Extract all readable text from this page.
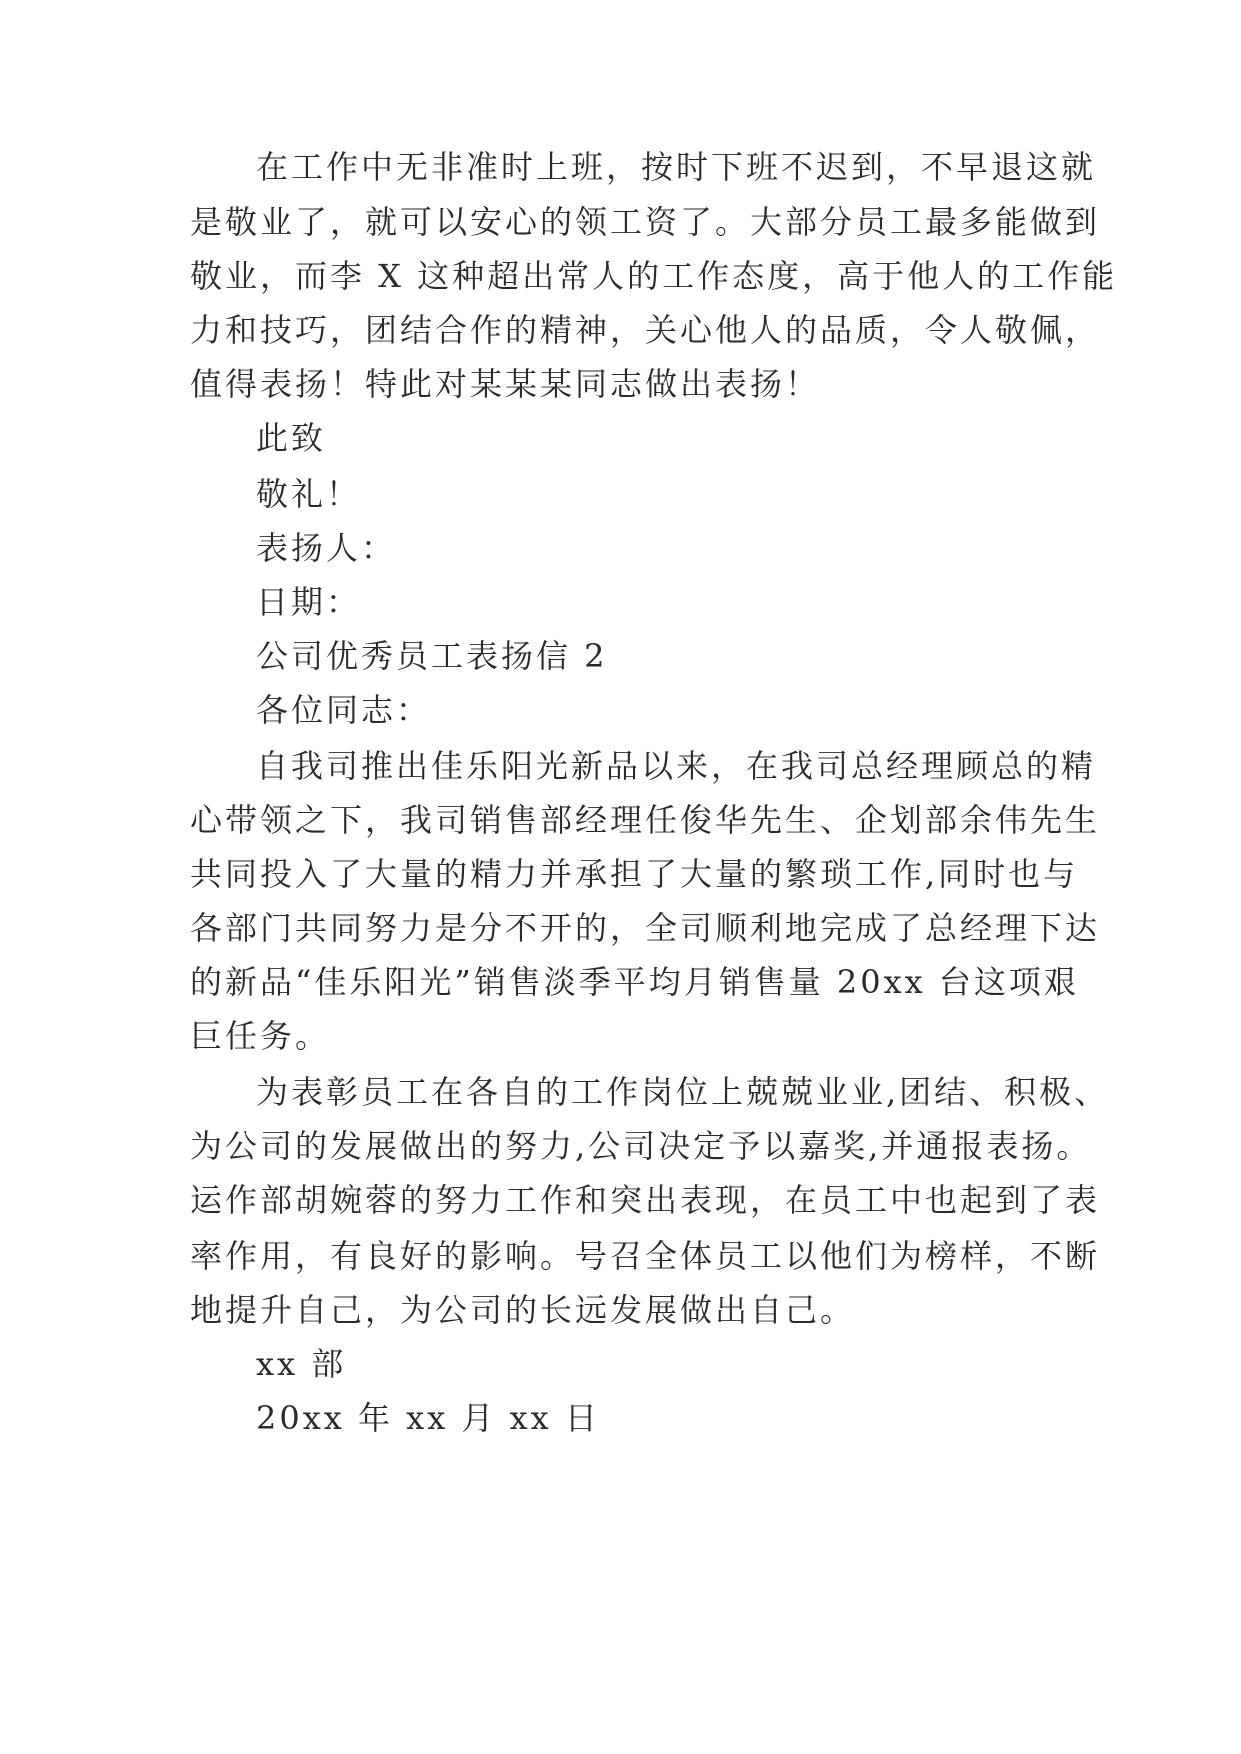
在工作中无非准时上班，按时下班不迟到，不早退这就
是敬业了，就可以安心的领工资了。大部分员工最多能做到
敬业，而李 X 这种超出常人的工作态度，高于他人的工作能
力和技巧，团结合作的精神，关心他人的品质，令人敬佩，
值得表扬！特此对某某某同志做出表扬！
此致
敬礼！
表扬人：
日期：
公司优秀员工表扬信 2
各位同志：
自我司推出佳乐阳光新品以来，在我司总经理顾总的精
心带领之下，我司销售部经理任俊华先生、企划部余伟先生
共同投入了大量的精力并承担了大量的繁琐工作,同时也与
各部门共同努力是分不开的，全司顺利地完成了总经理下达
的新品“佳乐阳光”销售淡季平均月销售量 20xx 台这项艰
巨任务。
为表彰员工在各自的工作岗位上兢兢业业,团结、积极、
为公司的发展做出的努力,公司决定予以嘉奖,并通报表扬。
运作部胡婉蓉的努力工作和突出表现，在员工中也起到了表
率作用，有良好的影响。号召全体员工以他们为榜样，不断
地提升自己，为公司的长远发展做出自己。
xx 部
20xx 年 xx 月 xx 日
